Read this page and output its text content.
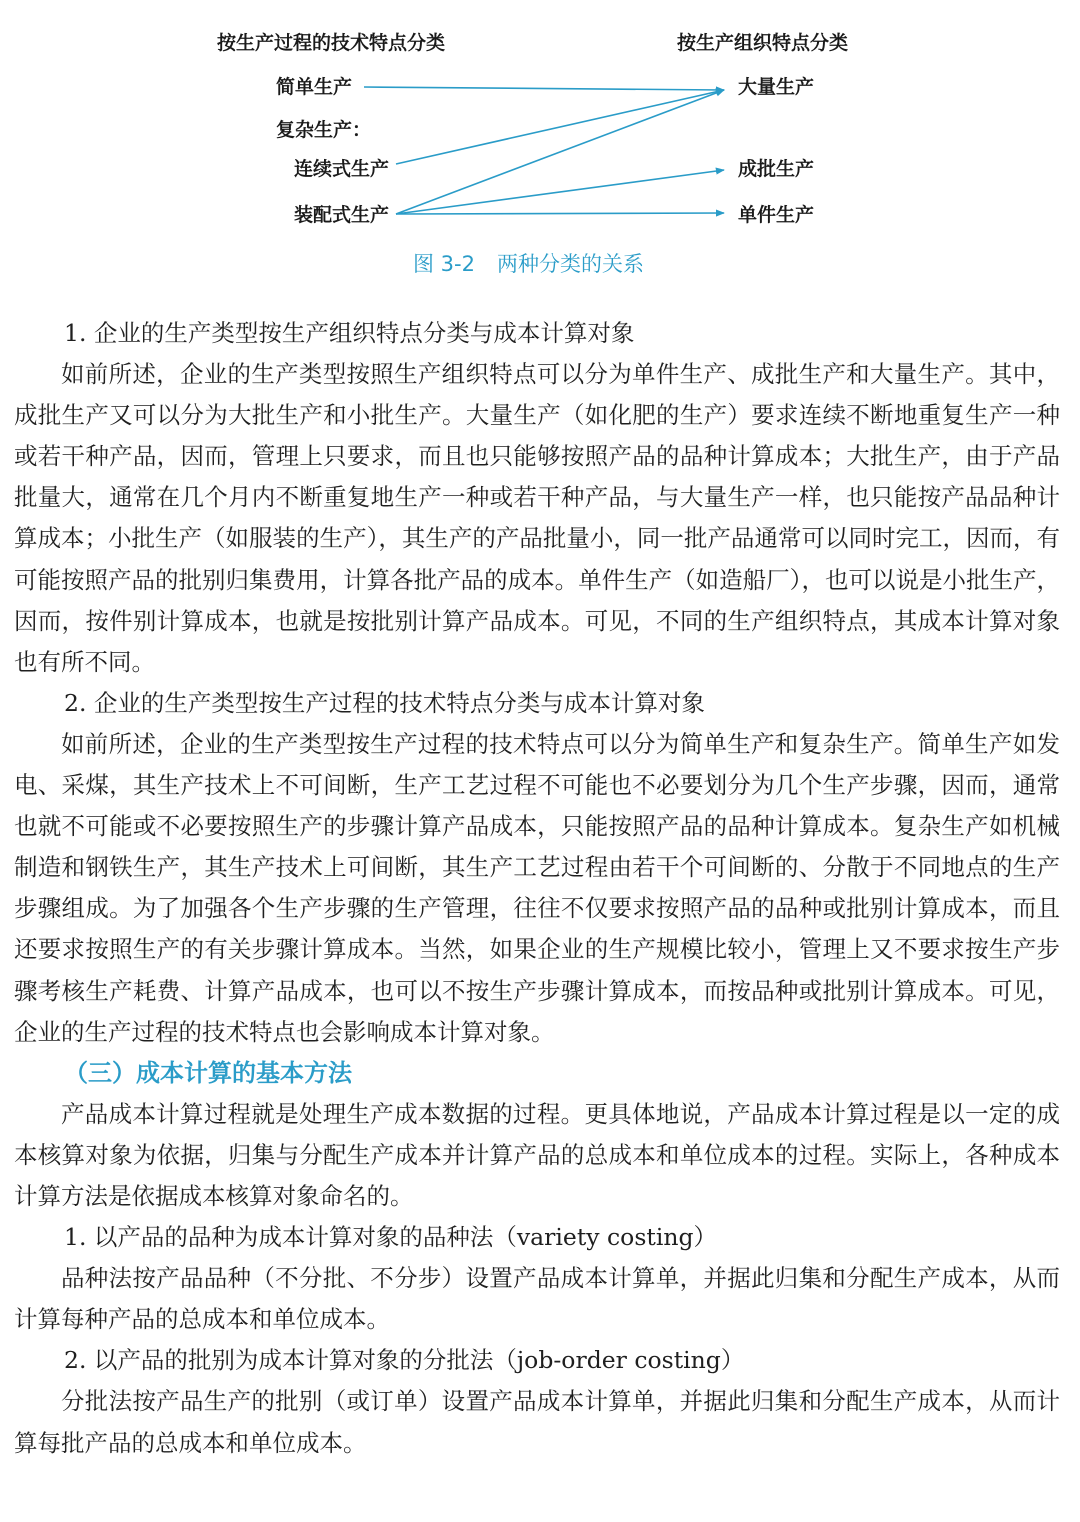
按生产过程的技术特点分类	按生产组织特点分类
简单生产
复杂生产：
连续式生产
装配式生产
大量生产
成批生产
单件生产
图 3-2 两种分类的关系

1. 企业的生产类型按生产组织特点分类与成本计算对象

如前所述，企业的生产类型按照生产组织特点可以分为单件生产、成批生产和大量生产。其中，成批生产又可以分为大批生产和小批生产。大量生产（如化肥的生产）要求连续不断地重复生产一种或若干种产品，因而，管理上只要求，而且也只能够按照产品的品种计算成本；大批生产，由于产品批量大，通常在几个月内不断重复地生产一种或若干种产品，与大量生产一样，也只能按产品品种计算成本；小批生产（如服装的生产），其生产的产品批量小，同一批产品通常可以同时完工，因而，有可能按照产品的批别归集费用，计算各批产品的成本。单件生产（如造船厂），也可以说是小批生产，因而，按件别计算成本，也就是按批别计算产品成本。可见，不同的生产组织特点，其成本计算对象也有所不同。

2. 企业的生产类型按生产过程的技术特点分类与成本计算对象

如前所述，企业的生产类型按生产过程的技术特点可以分为简单生产和复杂生产。简单生产如发电、采煤，其生产技术上不可间断，生产工艺过程不可能也不必要划分为几个生产步骤，因而，通常也就不可能或不必要按照生产的步骤计算产品成本，只能按照产品的品种计算成本。复杂生产如机械制造和钢铁生产，其生产技术上可间断，其生产工艺过程由若干个可间断的、分散于不同地点的生产步骤组成。为了加强各个生产步骤的生产管理，往往不仅要求按照产品的品种或批别计算成本，而且还要求按照生产的有关步骤计算成本。当然，如果企业的生产规模比较小，管理上又不要求按生产步骤考核生产耗费、计算产品成本，也可以不按生产步骤计算成本，而按品种或批别计算成本。可见，企业的生产过程的技术特点也会影响成本计算对象。

（三）成本计算的基本方法

产品成本计算过程就是处理生产成本数据的过程。更具体地说，产品成本计算过程是以一定的成本核算对象为依据，归集与分配生产成本并计算产品的总成本和单位成本的过程。实际上，各种成本计算方法是依据成本核算对象命名的。

1. 以产品的品种为成本计算对象的品种法（variety costing）

品种法按产品品种（不分批、不分步）设置产品成本计算单，并据此归集和分配生产成本，从而计算每种产品的总成本和单位成本。

2. 以产品的批别为成本计算对象的分批法（job-order costing）

分批法按产品生产的批别（或订单）设置产品成本计算单，并据此归集和分配生产成本，从而计算每批产品的总成本和单位成本。
